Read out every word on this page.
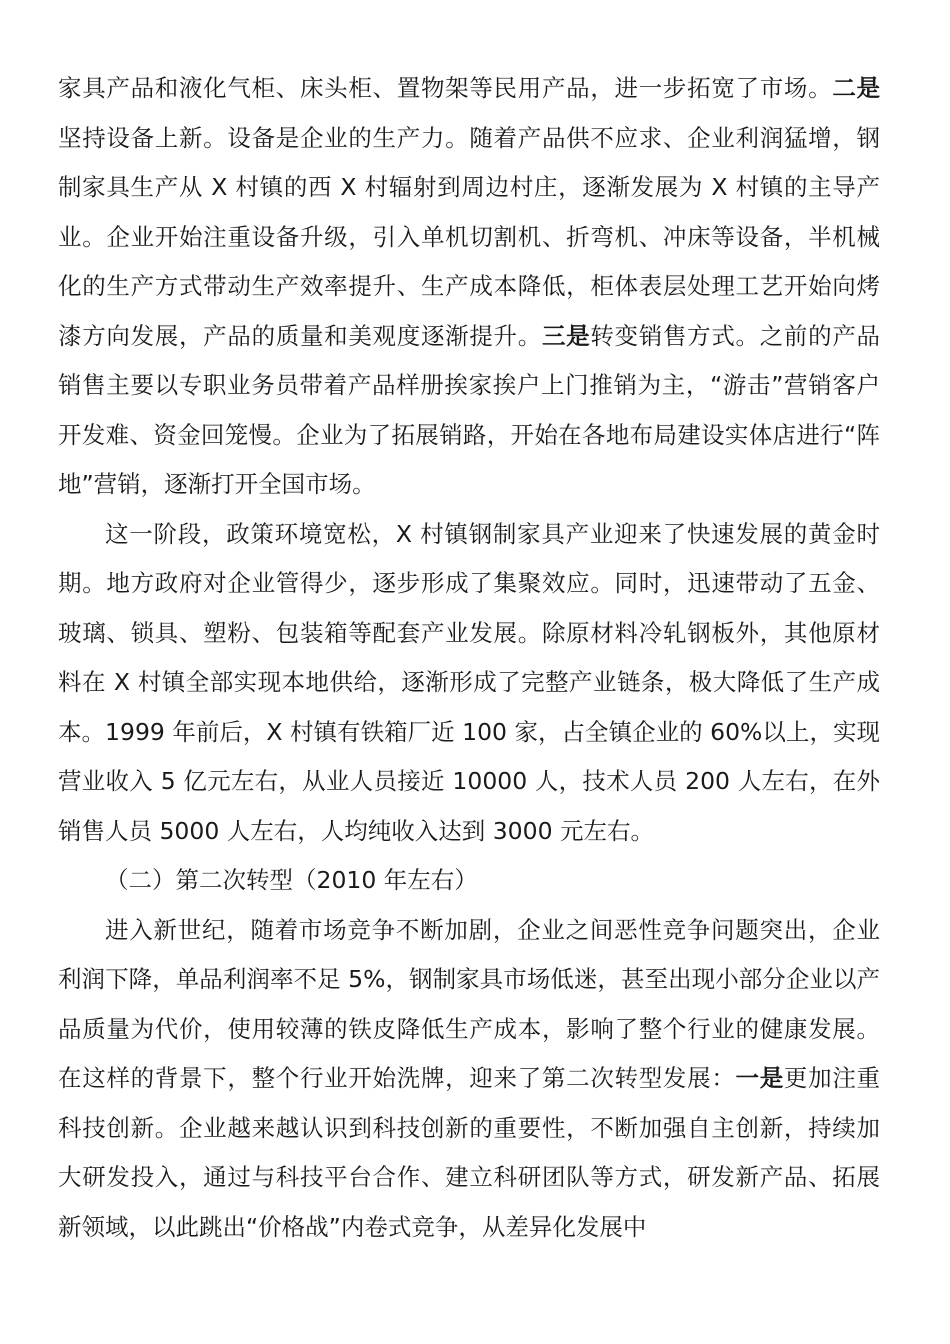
家具产品和液化气柜、床头柜、置物架等民用产品，进一步拓宽了市场。二是坚持设备上新。设备是企业的生产力。随着产品供不应求、企业利润猛增，钢制家具生产从 X 村镇的西 X 村辐射到周边村庄，逐渐发展为 X 村镇的主导产业。企业开始注重设备升级，引入单机切割机、折弯机、冲床等设备，半机械化的生产方式带动生产效率提升、生产成本降低，柜体表层处理工艺开始向烤漆方向发展，产品的质量和美观度逐渐提升。三是转变销售方式。之前的产品销售主要以专职业务员带着产品样册挨家挨户上门推销为主，“游击”营销客户开发难、资金回笼慢。企业为了拓展销路，开始在各地布局建设实体店进行“阵地”营销，逐渐打开全国市场。

这一阶段，政策环境宽松，X 村镇钢制家具产业迎来了快速发展的黄金时期。地方政府对企业管得少，逐步形成了集聚效应。同时，迅速带动了五金、玻璃、锁具、塑粉、包装箱等配套产业发展。除原材料冷轧钢板外，其他原材料在 X 村镇全部实现本地供给，逐渐形成了完整产业链条，极大降低了生产成本。1999 年前后，X 村镇有铁箱厂近 100 家，占全镇企业的 60%以上，实现营业收入 5 亿元左右，从业人员接近 10000 人，技术人员 200 人左右，在外销售人员 5000 人左右，人均纯收入达到 3000 元左右。

（二）第二次转型（2010 年左右）

进入新世纪，随着市场竞争不断加剧，企业之间恶性竞争问题突出，企业利润下降，单品利润率不足 5%，钢制家具市场低迷，甚至出现小部分企业以产品质量为代价，使用较薄的铁皮降低生产成本，影响了整个行业的健康发展。在这样的背景下，整个行业开始洗牌，迎来了第二次转型发展：一是更加注重科技创新。企业越来越认识到科技创新的重要性，不断加强自主创新，持续加大研发投入，通过与科技平台合作、建立科研团队等方式，研发新产品、拓展新领域，以此跳出“价格战”内卷式竞争，从差异化发展中
